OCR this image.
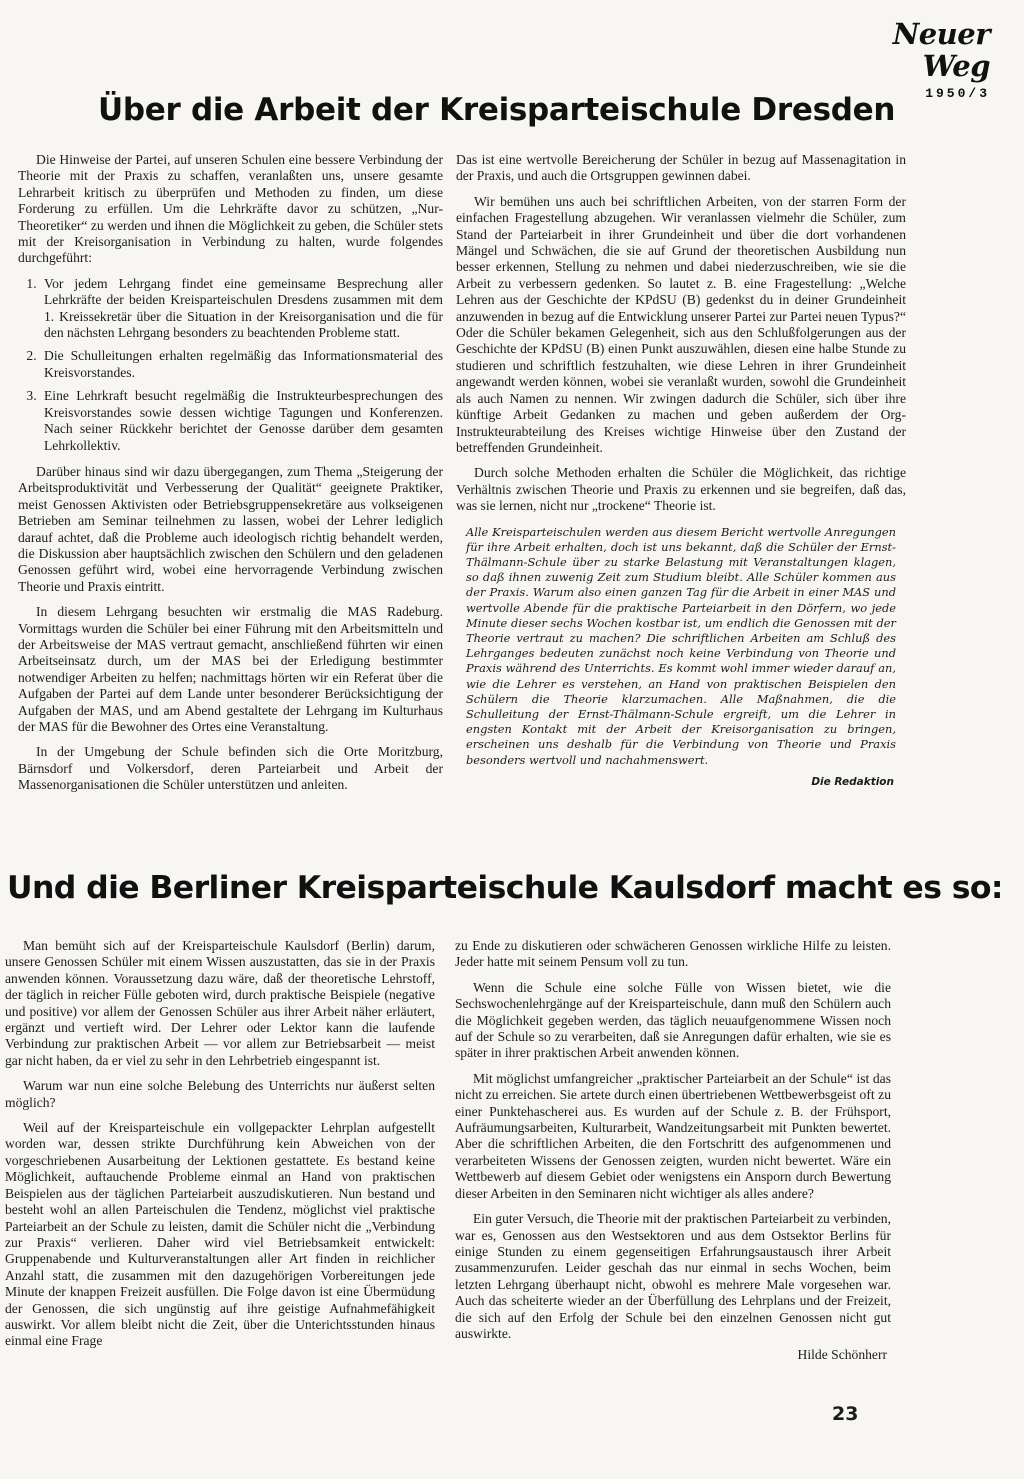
Neuer Weg
1950/3
Über die Arbeit der Kreisparteischule Dresden

Die Hinweise der Partei, auf unseren Schulen eine bessere Verbindung der Theorie mit der Praxis zu schaffen, veranlaßten uns, unsere gesamte Lehrarbeit kritisch zu überprüfen und Methoden zu finden, um diese Forderung zu erfüllen. Um die Lehrkräfte davor zu schützen, „Nur-Theoretiker“ zu werden und ihnen die Möglichkeit zu geben, die Schüler stets mit der Kreisorganisation in Verbindung zu halten, wurde folgendes durchgeführt:

1. Vor jedem Lehrgang findet eine gemeinsame Besprechung aller Lehrkräfte der beiden Kreisparteischulen Dresdens zusammen mit dem 1. Kreissekretär über die Situation in der Kreisorganisation und die für den nächsten Lehrgang besonders zu beachtenden Probleme statt.
2. Die Schulleitungen erhalten regelmäßig das Informationsmaterial des Kreisvorstandes.
3. Eine Lehrkraft besucht regelmäßig die Instrukteurbesprechungen des Kreisvorstandes sowie dessen wichtige Tagungen und Konferenzen. Nach seiner Rückkehr berichtet der Genosse darüber dem gesamten Lehrkollektiv.

Darüber hinaus sind wir dazu übergegangen, zum Thema „Steigerung der Arbeitsproduktivität und Verbesserung der Qualität“ geeignete Praktiker, meist Genossen Aktivisten oder Betriebsgruppensekretäre aus volkseigenen Betrieben am Seminar teilnehmen zu lassen, wobei der Lehrer lediglich darauf achtet, daß die Probleme auch ideologisch richtig behandelt werden, die Diskussion aber hauptsächlich zwischen den Schülern und den geladenen Genossen geführt wird, wobei eine hervorragende Verbindung zwischen Theorie und Praxis eintritt.

In diesem Lehrgang besuchten wir erstmalig die MAS Radeburg. Vormittags wurden die Schüler bei einer Führung mit den Arbeitsmitteln und der Arbeitsweise der MAS vertraut gemacht, anschließend führten wir einen Arbeitseinsatz durch, um der MAS bei der Erledigung bestimmter notwendiger Arbeiten zu helfen; nachmittags hörten wir ein Referat über die Aufgaben der Partei auf dem Lande unter besonderer Berücksichtigung der Aufgaben der MAS, und am Abend gestaltete der Lehrgang im Kulturhaus der MAS für die Bewohner des Ortes eine Veranstaltung.

In der Umgebung der Schule befinden sich die Orte Moritzburg, Bärnsdorf und Volkersdorf, deren Parteiarbeit und Arbeit der Massenorganisationen die Schüler unterstützen und anleiten.

Das ist eine wertvolle Bereicherung der Schüler in bezug auf Massenagitation in der Praxis, und auch die Ortsgruppen gewinnen dabei.

Wir bemühen uns auch bei schriftlichen Arbeiten, von der starren Form der einfachen Fragestellung abzugehen. Wir veranlassen vielmehr die Schüler, zum Stand der Parteiarbeit in ihrer Grundeinheit und über die dort vorhandenen Mängel und Schwächen, die sie auf Grund der theoretischen Ausbildung nun besser erkennen, Stellung zu nehmen und dabei niederzuschreiben, wie sie die Arbeit zu verbessern gedenken. So lautet z. B. eine Fragestellung: „Welche Lehren aus der Geschichte der KPdSU (B) gedenkst du in deiner Grundeinheit anzuwenden in bezug auf die Entwicklung unserer Partei zur Partei neuen Typus?“ Oder die Schüler bekamen Gelegenheit, sich aus den Schlußfolgerungen aus der Geschichte der KPdSU (B) einen Punkt auszuwählen, diesen eine halbe Stunde zu studieren und schriftlich festzuhalten, wie diese Lehren in ihrer Grundeinheit angewandt werden können, wobei sie veranlaßt wurden, sowohl die Grundeinheit als auch Namen zu nennen. Wir zwingen dadurch die Schüler, sich über ihre künftige Arbeit Gedanken zu machen und geben außerdem der Org-Instrukteurabteilung des Kreises wichtige Hinweise über den Zustand der betreffenden Grundeinheit.

Durch solche Methoden erhalten die Schüler die Möglichkeit, das richtige Verhältnis zwischen Theorie und Praxis zu erkennen und sie begreifen, daß das, was sie lernen, nicht nur „trockene“ Theorie ist.

Alle Kreisparteischulen werden aus diesem Bericht wertvolle Anregungen für ihre Arbeit erhalten, doch ist uns bekannt, daß die Schüler der Ernst-Thälmann-Schule über zu starke Belastung mit Veranstaltungen klagen, so daß ihnen zuwenig Zeit zum Studium bleibt. Alle Schüler kommen aus der Praxis. Warum also einen ganzen Tag für die Arbeit in einer MAS und wertvolle Abende für die praktische Parteiarbeit in den Dörfern, wo jede Minute dieser sechs Wochen kostbar ist, um endlich die Genossen mit der Theorie vertraut zu machen? Die schriftlichen Arbeiten am Schluß des Lehrganges bedeuten zunächst noch keine Verbindung von Theorie und Praxis während des Unterrichts. Es kommt wohl immer wieder darauf an, wie die Lehrer es verstehen, an Hand von praktischen Beispielen den Schülern die Theorie klarzumachen. Alle Maßnahmen, die die Schulleitung der Ernst-Thälmann-Schule ergreift, um die Lehrer in engsten Kontakt mit der Arbeit der Kreisorganisation zu bringen, erscheinen uns deshalb für die Verbindung von Theorie und Praxis besonders wertvoll und nachahmenswert.
Die Redaktion
Und die Berliner Kreisparteischule Kaulsdorf macht es so:

Man bemüht sich auf der Kreisparteischule Kaulsdorf (Berlin) darum, unsere Genossen Schüler mit einem Wissen auszustatten, das sie in der Praxis anwenden können. Voraussetzung dazu wäre, daß der theoretische Lehrstoff, der täglich in reicher Fülle geboten wird, durch praktische Beispiele (negative und positive) vor allem der Genossen Schüler aus ihrer Arbeit näher erläutert, ergänzt und vertieft wird. Der Lehrer oder Lektor kann die laufende Verbindung zur praktischen Arbeit — vor allem zur Betriebsarbeit — meist gar nicht haben, da er viel zu sehr in den Lehrbetrieb eingespannt ist.

Warum war nun eine solche Belebung des Unterrichts nur äußerst selten möglich?

Weil auf der Kreisparteischule ein vollgepackter Lehrplan aufgestellt worden war, dessen strikte Durchführung kein Abweichen von der vorgeschriebenen Ausarbeitung der Lektionen gestattete. Es bestand keine Möglichkeit, auftauchende Probleme einmal an Hand von praktischen Beispielen aus der täglichen Parteiarbeit auszudiskutieren. Nun bestand und besteht wohl an allen Parteischulen die Tendenz, möglichst viel praktische Parteiarbeit an der Schule zu leisten, damit die Schüler nicht die „Verbindung zur Praxis“ verlieren. Daher wird viel Betriebsamkeit entwickelt: Gruppenabende und Kulturveranstaltungen aller Art finden in reichlicher Anzahl statt, die zusammen mit den dazugehörigen Vorbereitungen jede Minute der knappen Freizeit ausfüllen. Die Folge davon ist eine Übermüdung der Genossen, die sich ungünstig auf ihre geistige Aufnahmefähigkeit auswirkt. Vor allem bleibt nicht die Zeit, über die Unterichtsstunden hinaus einmal eine Frage

zu Ende zu diskutieren oder schwächeren Genossen wirkliche Hilfe zu leisten. Jeder hatte mit seinem Pensum voll zu tun.

Wenn die Schule eine solche Fülle von Wissen bietet, wie die Sechswochenlehrgänge auf der Kreisparteischule, dann muß den Schülern auch die Möglichkeit gegeben werden, das täglich neuaufgenommene Wissen noch auf der Schule so zu verarbeiten, daß sie Anregungen dafür erhalten, wie sie es später in ihrer praktischen Arbeit anwenden können.

Mit möglichst umfangreicher „praktischer Parteiarbeit an der Schule“ ist das nicht zu erreichen. Sie artete durch einen übertriebenen Wettbewerbsgeist oft zu einer Punktehascherei aus. Es wurden auf der Schule z. B. der Frühsport, Aufräumungsarbeiten, Kulturarbeit, Wandzeitungsarbeit mit Punkten bewertet. Aber die schriftlichen Arbeiten, die den Fortschritt des aufgenommenen und verarbeiteten Wissens der Genossen zeigten, wurden nicht bewertet. Wäre ein Wettbewerb auf diesem Gebiet oder wenigstens ein Ansporn durch Bewertung dieser Arbeiten in den Seminaren nicht wichtiger als alles andere?

Ein guter Versuch, die Theorie mit der praktischen Parteiarbeit zu verbinden, war es, Genossen aus den Westsektoren und aus dem Ostsektor Berlins für einige Stunden zu einem gegenseitigen Erfahrungsaustausch ihrer Arbeit zusammenzurufen. Leider geschah das nur einmal in sechs Wochen, beim letzten Lehrgang überhaupt nicht, obwohl es mehrere Male vorgesehen war. Auch das scheiterte wieder an der Überfüllung des Lehrplans und der Freizeit, die sich auf den Erfolg der Schule bei den einzelnen Genossen nicht gut auswirkte.

Hilde Schönherr
23
